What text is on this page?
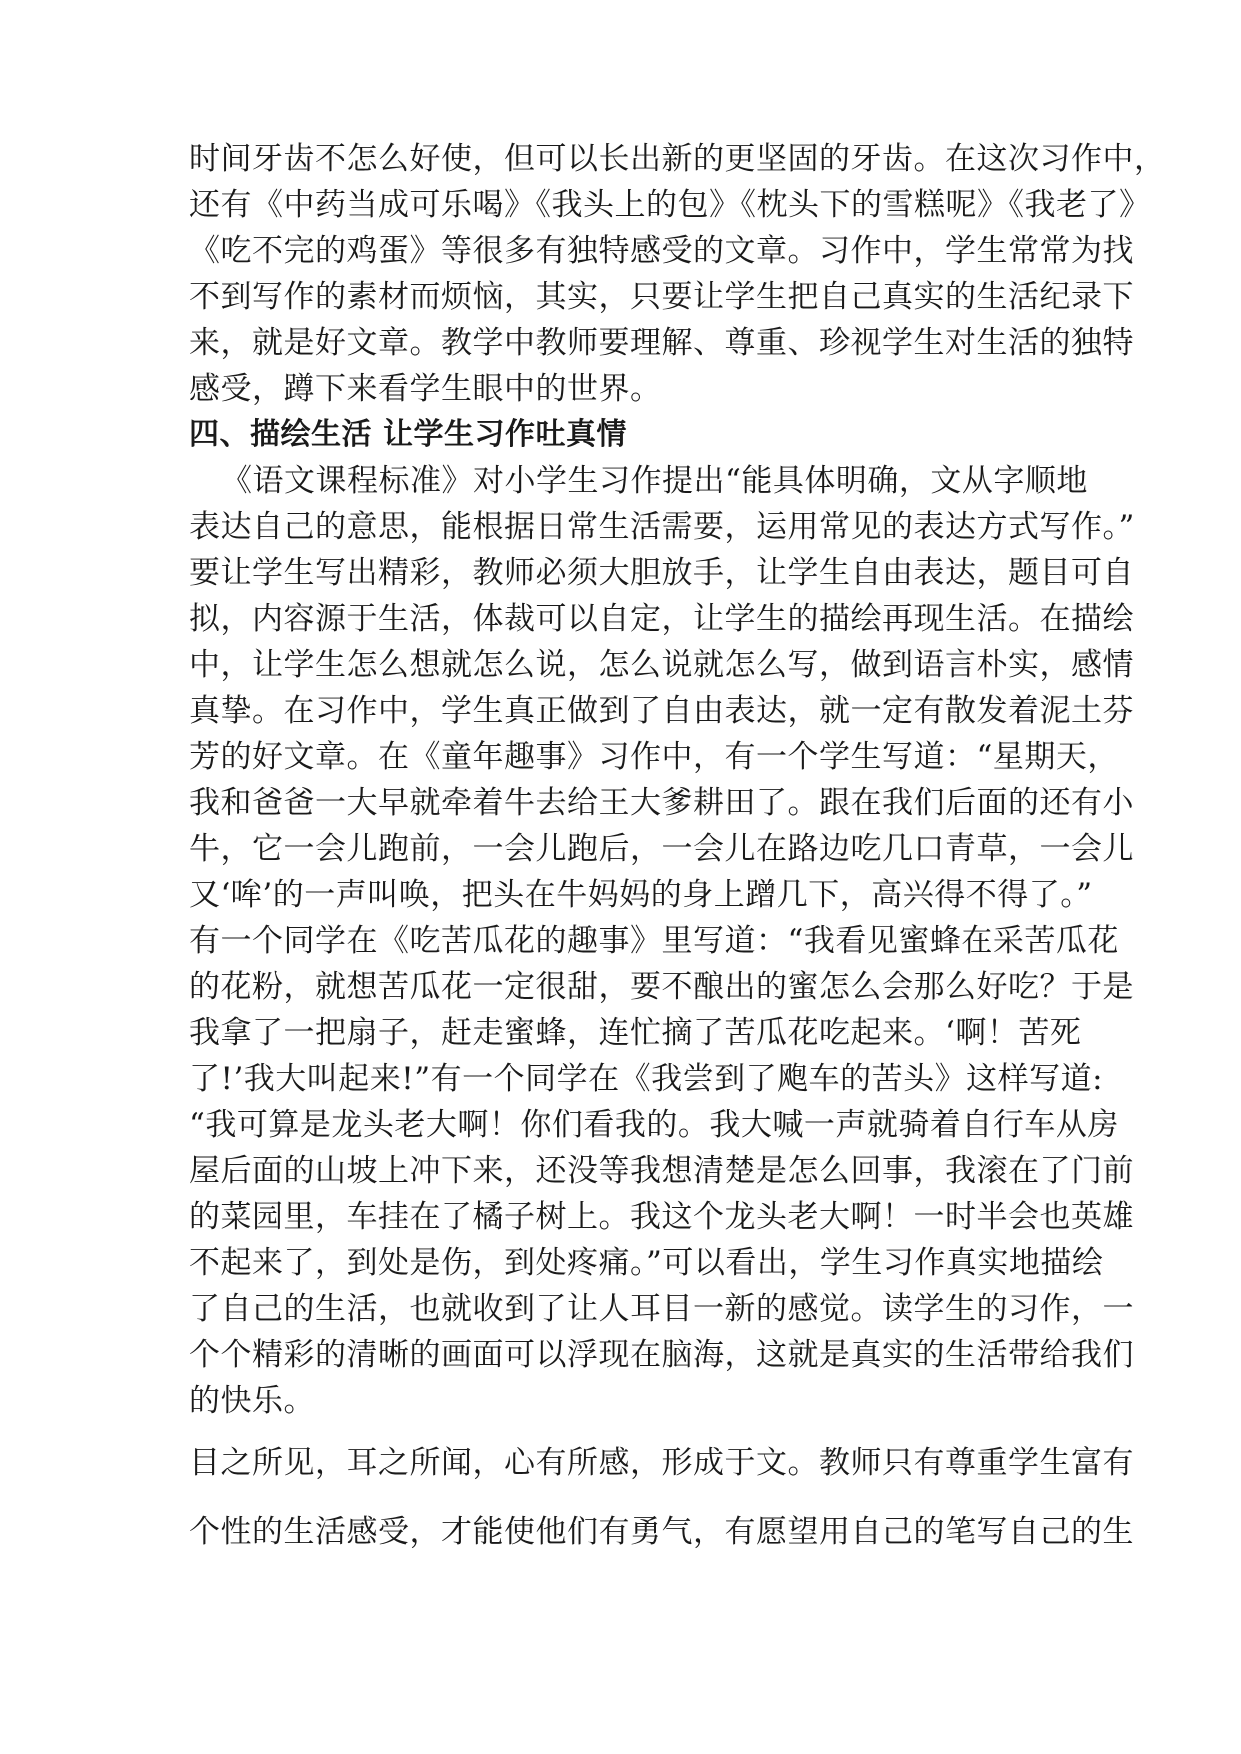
时间牙齿不怎么好使，但可以长出新的更坚固的牙齿。在这次习作中，
还有《中药当成可乐喝》《我头上的包》《枕头下的雪糕呢》《我老了》
《吃不完的鸡蛋》等很多有独特感受的文章。习作中，学生常常为找
不到写作的素材而烦恼，其实，只要让学生把自己真实的生活纪录下
来，就是好文章。教学中教师要理解、尊重、珍视学生对生活的独特
感受，蹲下来看学生眼中的世界。
四、描绘生活 让学生习作吐真情
《语文课程标准》对小学生习作提出“能具体明确，文从字顺地
表达自己的意思，能根据日常生活需要，运用常见的表达方式写作。”
要让学生写出精彩，教师必须大胆放手，让学生自由表达，题目可自
拟，内容源于生活，体裁可以自定，让学生的描绘再现生活。在描绘
中，让学生怎么想就怎么说，怎么说就怎么写，做到语言朴实，感情
真挚。在习作中，学生真正做到了自由表达，就一定有散发着泥土芬
芳的好文章。在《童年趣事》习作中，有一个学生写道：“星期天，
我和爸爸一大早就牵着牛去给王大爹耕田了。跟在我们后面的还有小
牛，它一会儿跑前，一会儿跑后，一会儿在路边吃几口青草，一会儿
又‘哞’的一声叫唤，把头在牛妈妈的身上蹭几下，高兴得不得了。”
有一个同学在《吃苦瓜花的趣事》里写道：“我看见蜜蜂在采苦瓜花
的花粉，就想苦瓜花一定很甜，要不酿出的蜜怎么会那么好吃？于是
我拿了一把扇子，赶走蜜蜂，连忙摘了苦瓜花吃起来。‘啊！苦死
了!’我大叫起来!”有一个同学在《我尝到了飑车的苦头》这样写道:
“我可算是龙头老大啊！你们看我的。我大喊一声就骑着自行车从房
屋后面的山坡上冲下来，还没等我想清楚是怎么回事，我滚在了门前
的菜园里，车挂在了橘子树上。我这个龙头老大啊！一时半会也英雄
不起来了，到处是伤，到处疼痛。”可以看出，学生习作真实地描绘
了自己的生活，也就收到了让人耳目一新的感觉。读学生的习作，一
个个精彩的清晰的画面可以浮现在脑海，这就是真实的生活带给我们
的快乐。
目之所见，耳之所闻，心有所感，形成于文。教师只有尊重学生富有
个性的生活感受，才能使他们有勇气，有愿望用自己的笔写自己的生
